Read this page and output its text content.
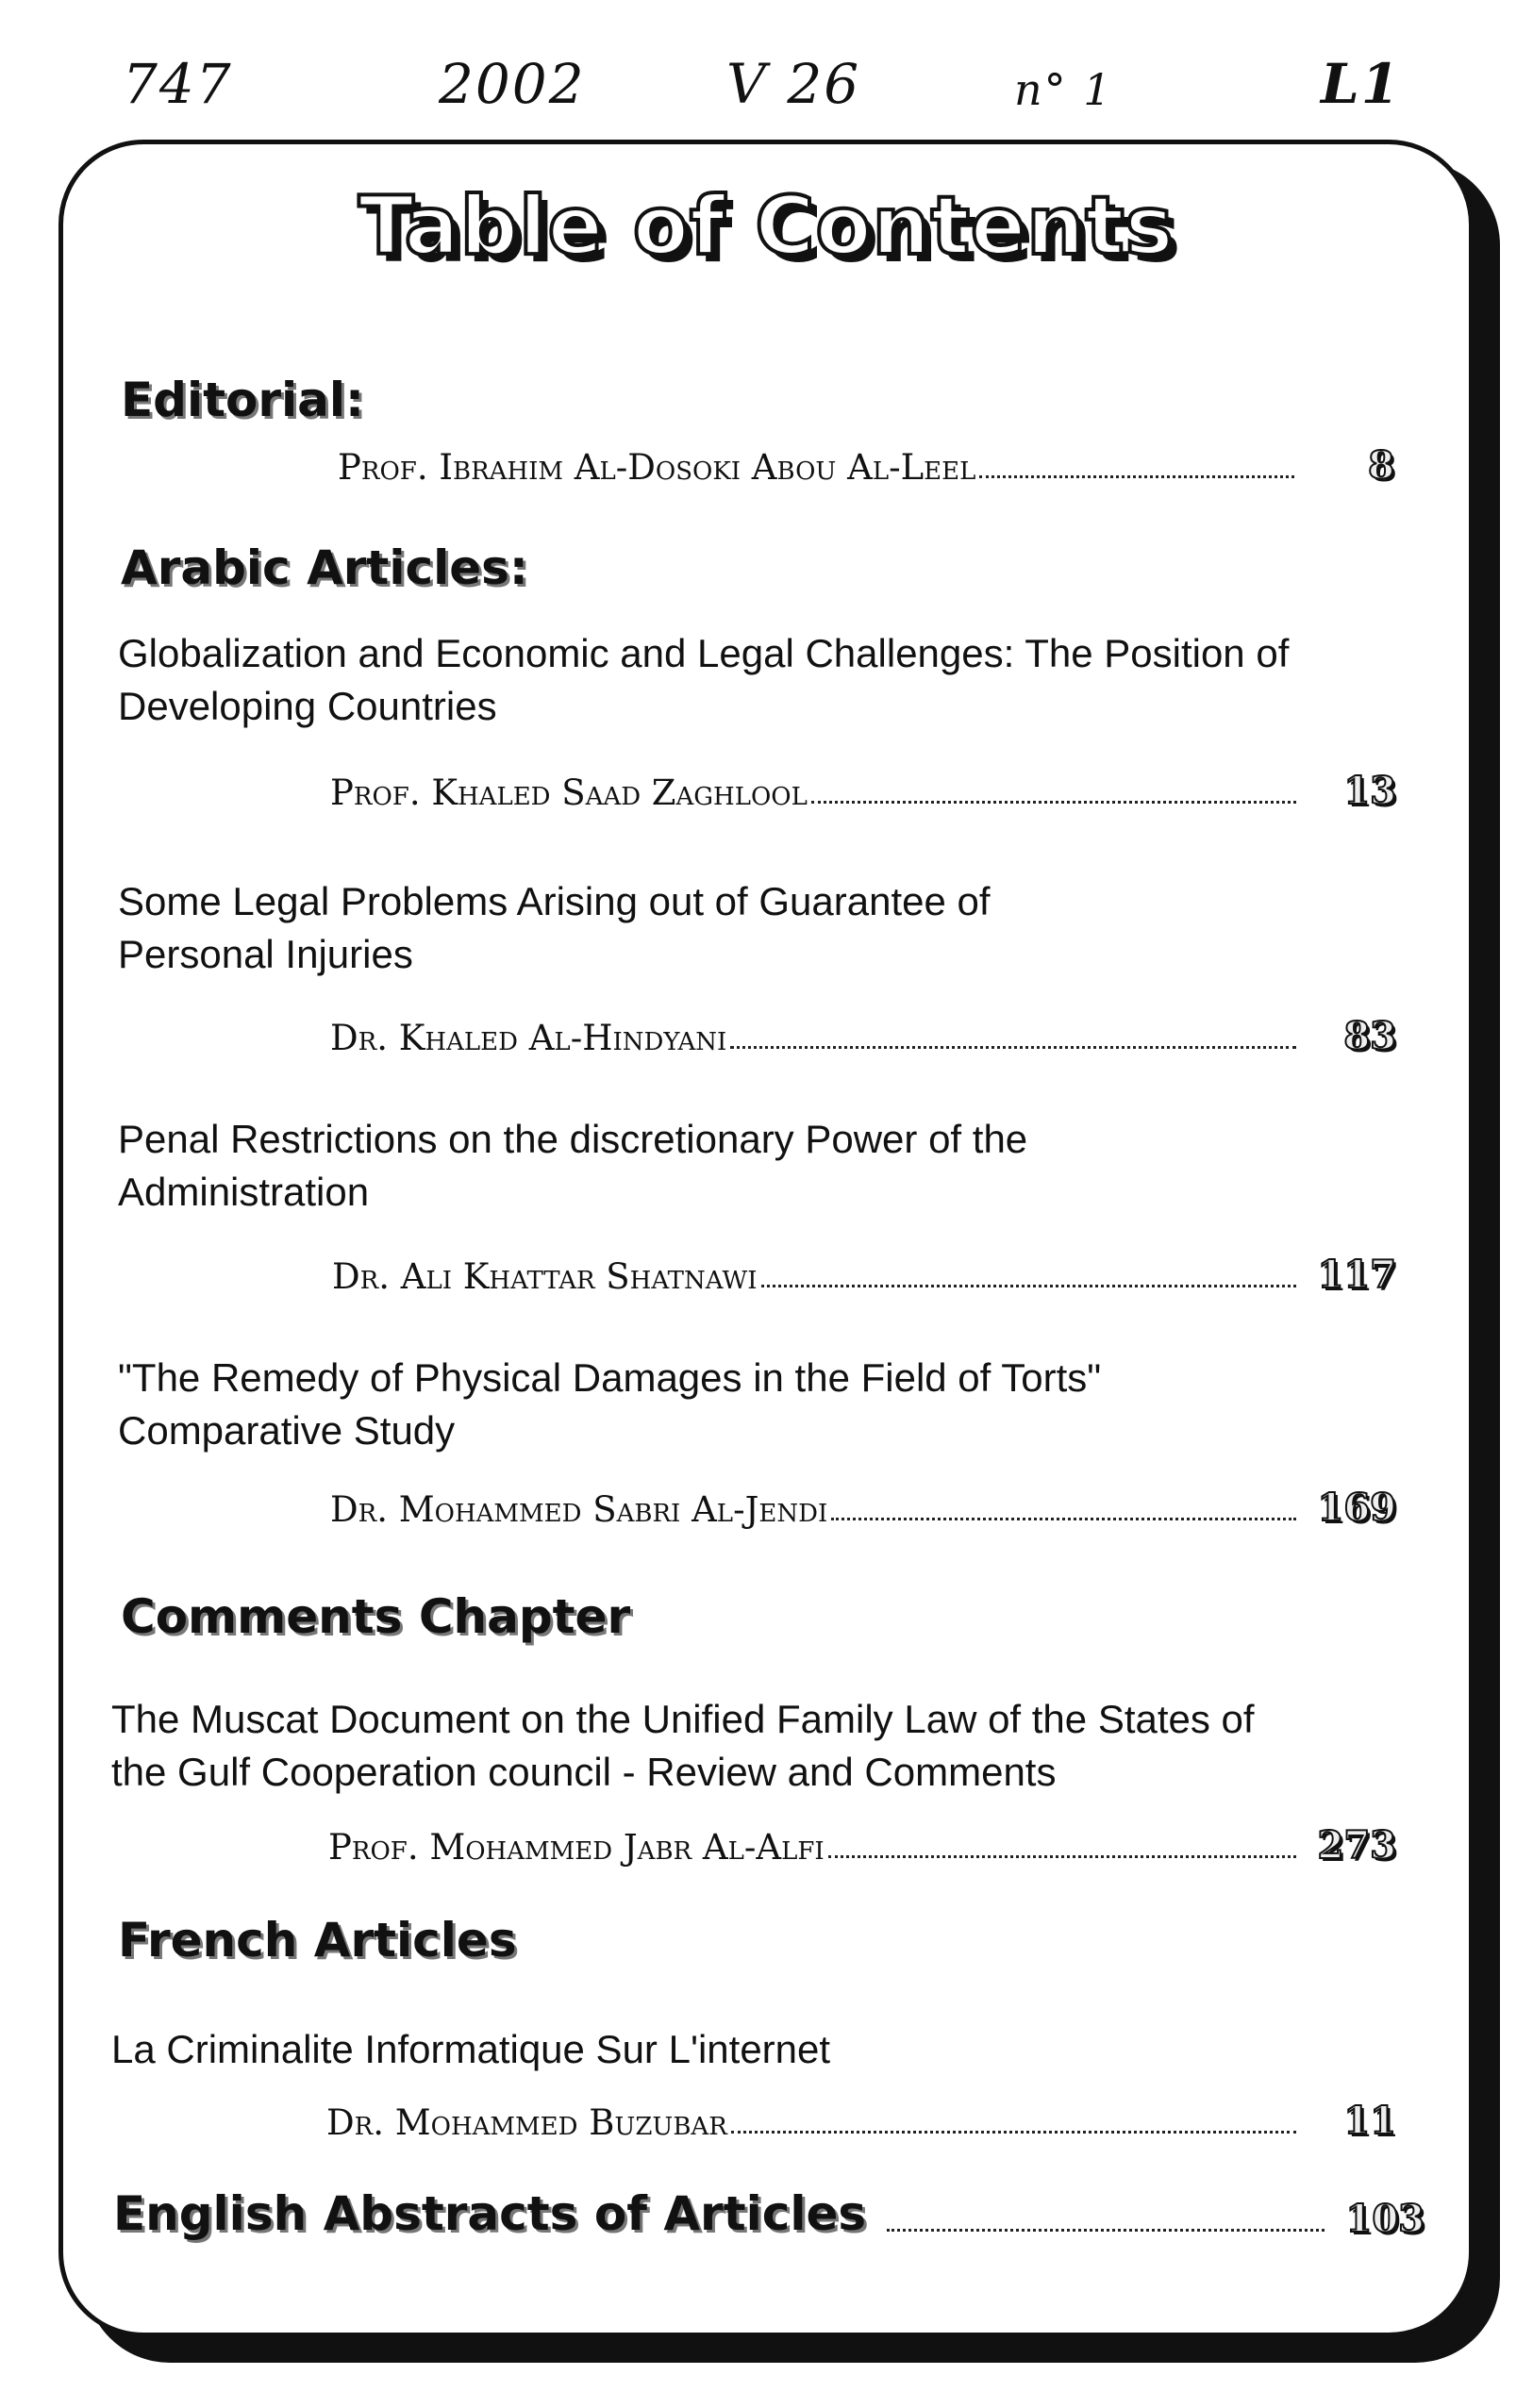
747	2002	V 26	n° 1	L1
Table of Contents
Editorial:
Prof. Ibrahim Al-Dosoki Abou Al-Leel	8
Arabic Articles:
Globalization and Economic and Legal Challenges: The Position of Developing Countries
Prof. Khaled Saad Zaghlool	13
Some Legal Problems Arising out of Guarantee of Personal Injuries
Dr. Khaled Al-Hindyani	83
Penal Restrictions on the discretionary Power of the Administration
Dr. Ali Khattar Shatnawi	117
"The Remedy of Physical Damages in the Field of Torts" Comparative Study
Dr. Mohammed Sabri Al-Jendi	169
Comments Chapter
The Muscat Document on the Unified Family Law of the States of the Gulf Cooperation council - Review and Comments
Prof. Mohammed Jabr Al-Alfi	273
French Articles
La Criminalite Informatique Sur L'internet
Dr. Mohammed Buzubar	11
English Abstracts of Articles	103
